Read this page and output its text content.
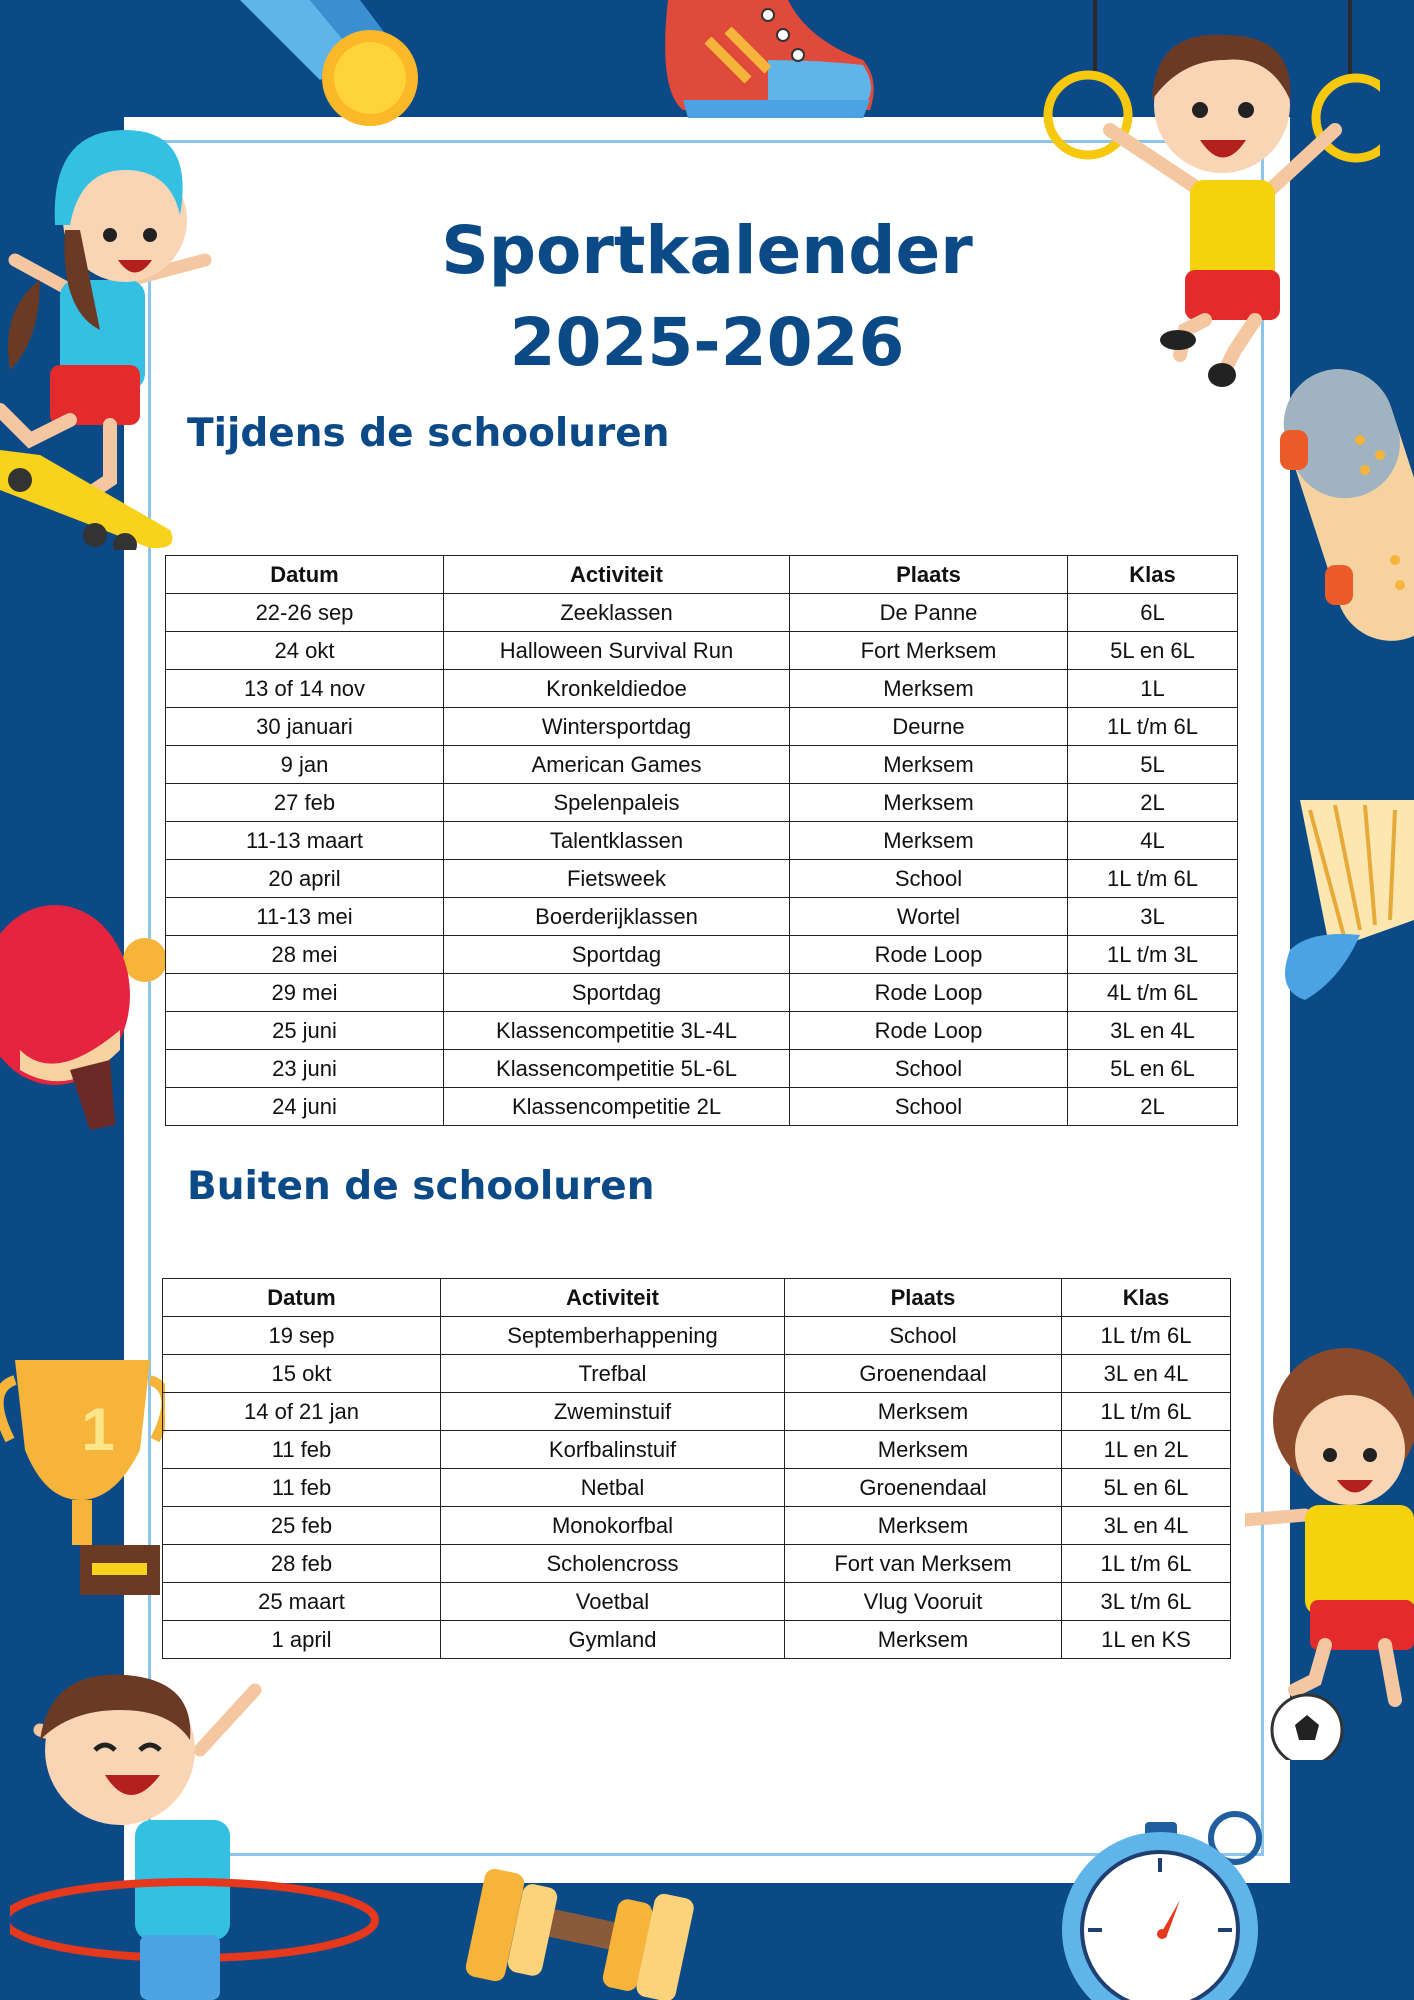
1
Sportkalender
2025-2026
Tijdens de schooluren
Datum	Activiteit	Plaats	Klas
22-26 sep	Zeeklassen	De Panne	6L
24 okt	Halloween Survival Run	Fort Merksem	5L en 6L
13 of 14 nov	Kronkeldiedoe	Merksem	1L
30 januari	Wintersportdag	Deurne	1L t/m 6L
9 jan	American Games	Merksem	5L
27 feb	Spelenpaleis	Merksem	2L
11-13 maart	Talentklassen	Merksem	4L
20 april	Fietsweek	School	1L t/m 6L
11-13 mei	Boerderijklassen	Wortel	3L
28 mei	Sportdag	Rode Loop	1L t/m 3L
29 mei	Sportdag	Rode Loop	4L t/m 6L
25 juni	Klassencompetitie 3L-4L	Rode Loop	3L en 4L
23 juni	Klassencompetitie 5L-6L	School	5L en 6L
24 juni	Klassencompetitie 2L	School	2L
Buiten de schooluren
Datum	Activiteit	Plaats	Klas
19 sep	Septemberhappening	School	1L t/m 6L
15 okt	Trefbal	Groenendaal	3L en 4L
14 of 21 jan	Zweminstuif	Merksem	1L t/m 6L
11 feb	Korfbalinstuif	Merksem	1L en 2L
11 feb	Netbal	Groenendaal	5L en 6L
25 feb	Monokorfbal	Merksem	3L en 4L
28 feb	Scholencross	Fort van Merksem	1L t/m 6L
25 maart	Voetbal	Vlug Vooruit	3L t/m 6L
1 april	Gymland	Merksem	1L en KS
